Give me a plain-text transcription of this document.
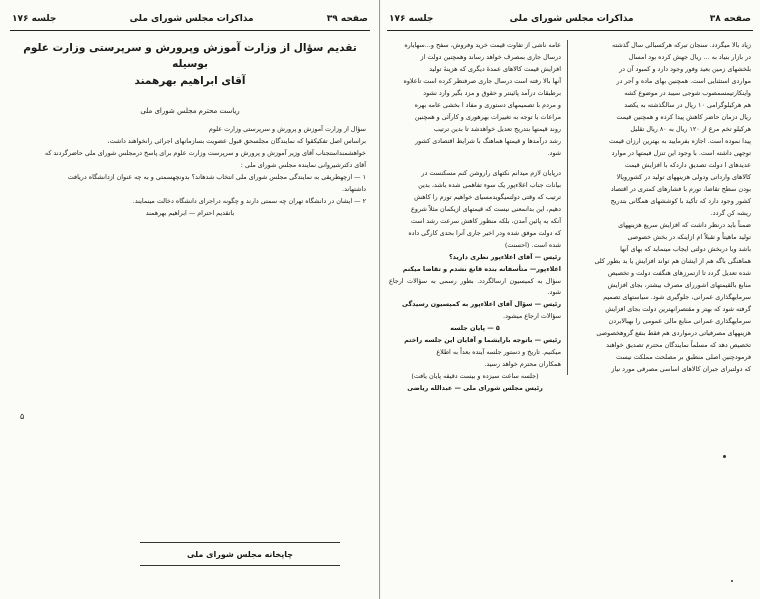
صفحه ۳۹
مذاکرات مجلس شورای ملی
جلسه ۱۷۶

تقدیم سؤال از وزارت آموزش وپرورش و سرپرستی وزارت علوم بوسیله

آقای ابراهیم بهرهمند

ریاست محترم مجلس شورای ملی

سؤال از وزارت آموزش و پرورش و سرپرستی وزارت علوم

براساس اصل تفکیکقوا که نمایندگان مجلسحق قبول عضویت بسازمانهای اجرائی رانخواهند داشت،

خواهشمنداستجناب آقای وزیر آموزش و پرورش و سرپرست وزارت علوم برای پاسخ درمجلس شورای ملی حاضرگردند که

آقای دکترشیروانی نماینده مجلس شورای ملی :

۱ — ازچهطریقی به نمایندگی مجلس شورای ملی انتخاب شدهاند؟ بدونچهسمتی و به چه عنوان ازدانشگاه دریافت

داشتهاند.

۲ — ایشان در دانشگاه تهران چه سمتی دارند و چگونه دراجرای دانشگاه دخالت مینمایند.

باتقدیم احترام — ابراهیم بهرهمند

۵
چاپخانه مجلس شورای ملی
صفحه ۳۸
مذاکرات مجلس شورای ملی
جلسه ۱۷۶

زیاد بالا میگردد. سنجان تبرکه هرکسبالی سال گذشته

در بازار بنياد به ... ريال جهش کرده بود امسال

بلخشهای زمین بعید وفور وجود دارد و کمبود آن در

مواردی استثنایی است. همچنین بهای ماده و آجر در

واینکارتیمسمصوب شوجی سیبد در موضوع کشه

هم هرکیلوگرامی ۱۰ ریال در سالگذشته به یکصد

ریال دزمان حاضر کاهش پیدا کرده و همچنین قیمت

هرکیلو تخم مرغ از ۱۲۰ ریال به ۸۰ ریال تقلیل

پیدا نموده است. اجازه بفرمایید به بهترین ارزان قیمت

توجهی داشته است. با وجود این تنزل فیمتها در موارد

عدیدهای ا دولت تصدیق داردکه با افزایش قیمت

کالاهای وارداتی ودولی هزینههای تولید در کشورویالا

بودن سطح تقاضا، تورم با فشارهای کمتری در اقتصاد

کشور وجود دارد که تأکید با کوششهای همگانی بتدریج

ریشه کن گردد.

ضمناً باید درنظر داشت که افزایش سریع هزینههای

تولید ماهیتاً و تقبلاً ام ازاینکه در بخش خصوصی

باشد ویا دربخش دولتی ایجاب مینماید که بهای آنها

هماهنگی باگه هم از ایشان هم تواند افزایش یا بد بطور کلی

شده تعدیل گردد تا ازتمرزهای هنگفت دولت و تخصیص

منابع بالقیمتهای اشوررای مصرف بیشتر، بجای افزایش

سرمایهگذاری عمرانی، جلوگیری شود. سیاستهای تصمیم

گرفته شود که بهتر و مقتصرانهترین دولت بجای افزایش

سرمایهگذاری عمرانی منابع مالی عمومی را بهبالابردن

هزینههای مصرفیاتی درمواردی هم فقط بنفع گروهخصوصی

تخصیص دهد که مسلماً نمایندگان محترم تصدیق خواهند

فرمودچنین اصلی منطبق بر مصلحت مملکت نیست

که دولتبرای جبران کالاهای اساسی مصرفی مورد نیاز

عامه ناشی از تفاوت قیمت خرید وفروش، سفح و...سهایاره

درسال جاری بمصرف خواهد رساند وهمچنین دولت از

افزایش قیمت کالاهای عمدهٔ دیگری که هزینهٔ تولید

آنها بالا رفته است درسال جاری صرفنظر کرده است تاعلاوه

برطبقات درآمد پائینتر و حقوق و مزد بگیر وارد نشود

و مردم با تصمیمهای دستوری و مفاد ا بخشی عامه بهره

مراعات با توجه به تغییرات بهرهوری و کارآئی و همچنین

روند قیمتها بتدریج تعدیل خواهدشد تا بدین ترتیب

رشد درآمدها و قیمتها هماهنگ با شرایط اقتصادی کشور

شود.

درپایان لازم میدانم نکتهای راروشن کنم مسکنست در

بیانات جناب اعلاءپور یک سوء تفاهمی شده باشد، بدین

ترتیب که وقتی دولتمیگویدمسیای خواهیم تورم را کاهش

دهیم، این بدانمعنی نیست که قیمتهای ازیکمان مثلاً شروع

آنکه به پائین آمدن، بلکه منظور کاهش سرعت رشد است

که دولت موفق شده ودر اخیر جاری آنرا بحدی کارگی داده

شده است. (احسنت)

رئیس — آقای اعلاءپور نظری دارید؟

اعلاءپور— متأسفانه بنده قانع نشدم و تقاضا میکنم

سؤال به کمیسیون ارسالگردد. بطور رسمی به سؤالات ارجاع شود.

رئیس — سؤال آقای اعلاءپور به کمیسیون رسیدگی

سؤالات ارجاع میشود.

۵ — پایان جلسه

رئیس — باتوجه بارایشما و آقایان این جلسه راختم

میکنیم. تاریخ و دستور جلسه آینده بعداً به اطلاع

همکاران محترم خواهد رسید.

(جلسه ساعت سیزده و بیست دقیقه پایان یافت)

رئیس مجلس شورای ملی — عبدالله ریاضی
